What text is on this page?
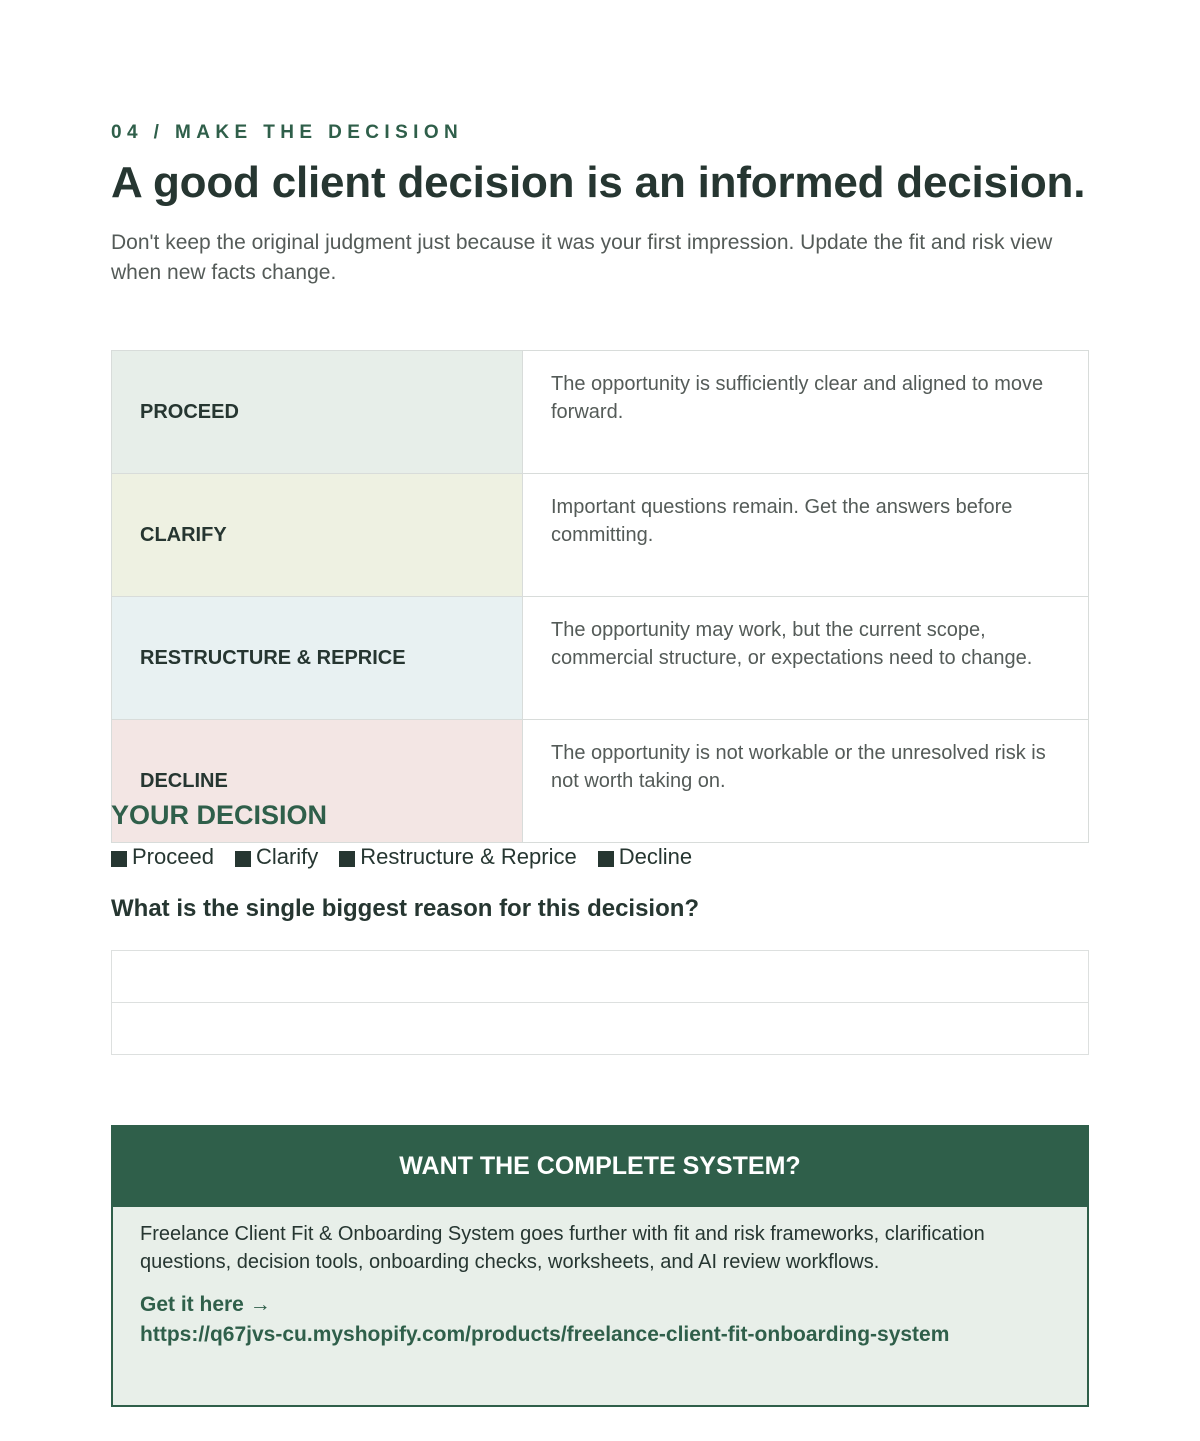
04 / MAKE THE DECISION
A good client decision is an informed decision.

Don't keep the original judgment just because it was your first impression. Update the fit and risk view when new facts change.

PROCEED	The opportunity is sufficiently clear and aligned to move forward.
CLARIFY	Important questions remain. Get the answers before committing.
RESTRUCTURE & REPRICE	The opportunity may work, but the current scope, commercial structure, or expectations need to change.
DECLINE	The opportunity is not workable or the unresolved risk is not worth taking on.
YOUR DECISION
Proceed Clarify Restructure & Reprice Decline
What is the single biggest reason for this decision?
WANT THE COMPLETE SYSTEM?

Freelance Client Fit & Onboarding System goes further with fit and risk frameworks, clarification questions, decision tools, onboarding checks, worksheets, and AI review workflows.

Get it here →
https://q67jvs-cu.myshopify.com/products/freelance-client-fit-onboarding-system
